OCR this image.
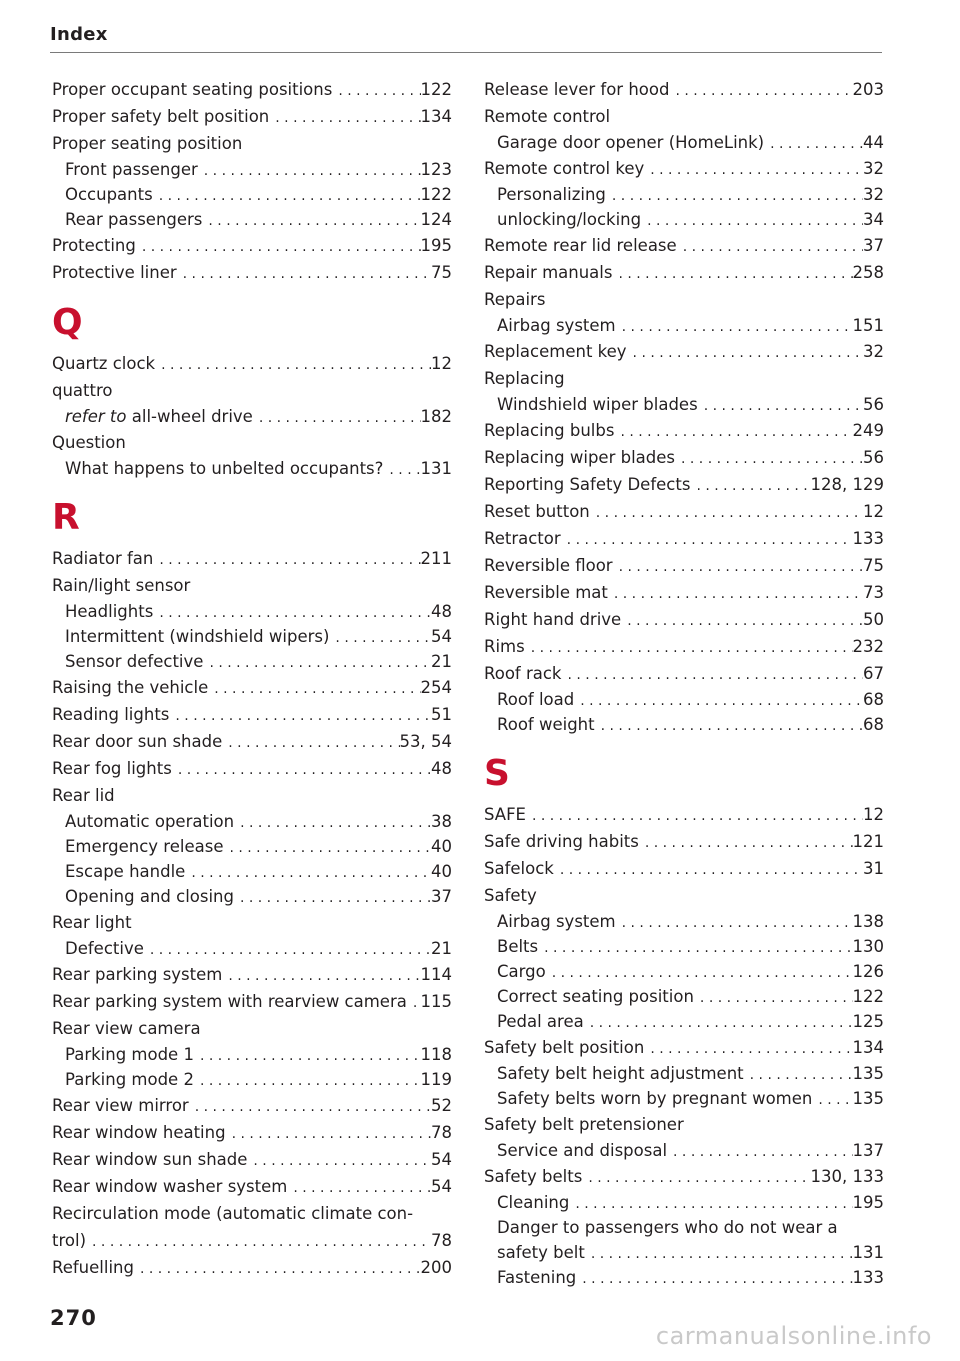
Index
Proper occupant seating positions . . .	122
Proper safety belt position . . .	134
Proper seating position
Front passenger . . .	123
Occupants . . .	122
Rear passengers . . .	124
Protecting . . .	195
Protective liner . . .	75
Q
Quartz clock . . .	12
quattro
refer to all-wheel drive . . .	182
Question
What happens to unbelted occupants? . . . 131
R
Radiator fan . . .	211
Rain/light sensor
Headlights . . .	48
Intermittent (windshield wipers) . . .	54
Sensor defective . . .	21
Raising the vehicle . . .	254
Reading lights . . .	51
Rear door sun shade . . .	53, 54
Rear fog lights . . .	48
Rear lid
Automatic operation . . .	38
Emergency release . . .	40
Escape handle . . .	40
Opening and closing . . .	37
Rear light
Defective . . .	21
Rear parking system . . .	114
Rear parking system with rearview camera . . . 115
Rear view camera
Parking mode 1 . . .	118
Parking mode 2 . . .	119
Rear view mirror . . .	52
Rear window heating . . .	78
Rear window sun shade . . .	54
Rear window washer system . . .	54
Recirculation mode (automatic climate con-
trol) . . .	78
Refuelling . . .	200
Release lever for hood . . .	203
Remote control
Garage door opener (HomeLink) . . .	44
Remote control key . . .	32
Personalizing . . .	32
unlocking/locking . . .	34
Remote rear lid release . . .	37
Repair manuals . . .	258
Repairs
Airbag system . . .	151
Replacement key . . .	32
Replacing
Windshield wiper blades . . .	56
Replacing bulbs . . .	249
Replacing wiper blades . . .	56
Reporting Safety Defects . . .	128, 129
Reset button . . .	12
Retractor . . .	133
Reversible floor . . .	75
Reversible mat . . .	73
Right hand drive . . .	50
Rims . . .	232
Roof rack . . .	67
Roof load . . .	68
Roof weight . . .	68
S
SAFE . . .	12
Safe driving habits . . .	121
Safelock . . .	31
Safety
Airbag system . . .	138
Belts . . .	130
Cargo . . .	126
Correct seating position . . .	122
Pedal area . . .	125
Safety belt position . . .	134
Safety belt height adjustment . . .	135
Safety belts worn by pregnant women . . . 135
Safety belt pretensioner
Service and disposal . . .	137
Safety belts . . .	130, 133
Cleaning . . .	195
Danger to passengers who do not wear a
safety belt . . .	131
Fastening . . .	133
270
carmanualsonline.info
